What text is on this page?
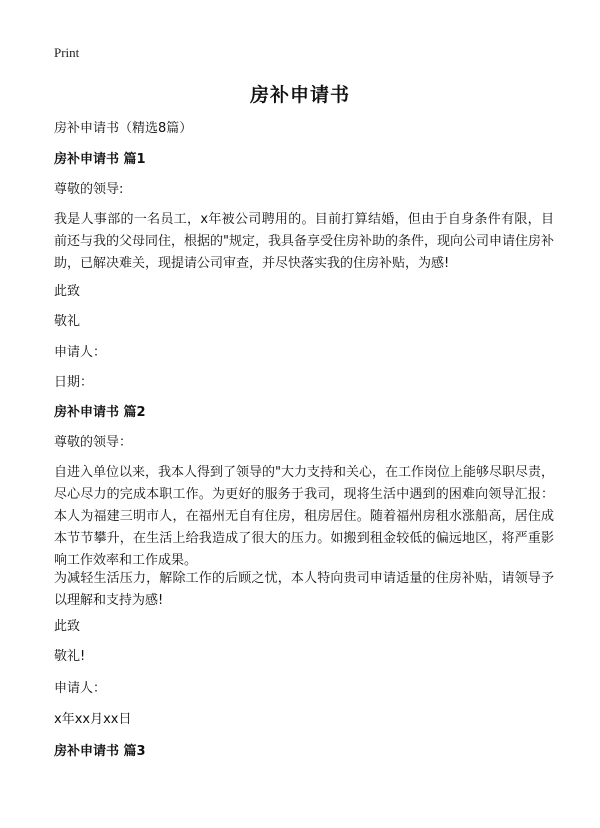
Print
房补申请书
房补申请书（精选8篇）
房补申请书 篇1
尊敬的领导:
我是人事部的一名员工，x年被公司聘用的。目前打算结婚，但由于自身条件有限，目前还与我的父母同住，根据的"规定，我具备享受住房补助的条件，现向公司申请住房补助，已解决难关，现提请公司审查，并尽快落实我的住房补贴，为感!
此致
敬礼
申请人：
日期：
房补申请书 篇2
尊敬的领导：
自进入单位以来，我本人得到了领导的"大力支持和关心，在工作岗位上能够尽职尽责，尽心尽力的完成本职工作。为更好的服务于我司，现将生活中遇到的困难向领导汇报：本人为福建三明市人，在福州无自有住房，租房居住。随着福州房租水涨船高，居住成本节节攀升，在生活上给我造成了很大的压力。如搬到租金较低的偏远地区，将严重影响工作效率和工作成果。
为减轻生活压力，解除工作的后顾之忧，本人特向贵司申请适量的住房补贴，请领导予以理解和支持为感!
此致
敬礼!
申请人：
x年xx月xx日
房补申请书 篇3
